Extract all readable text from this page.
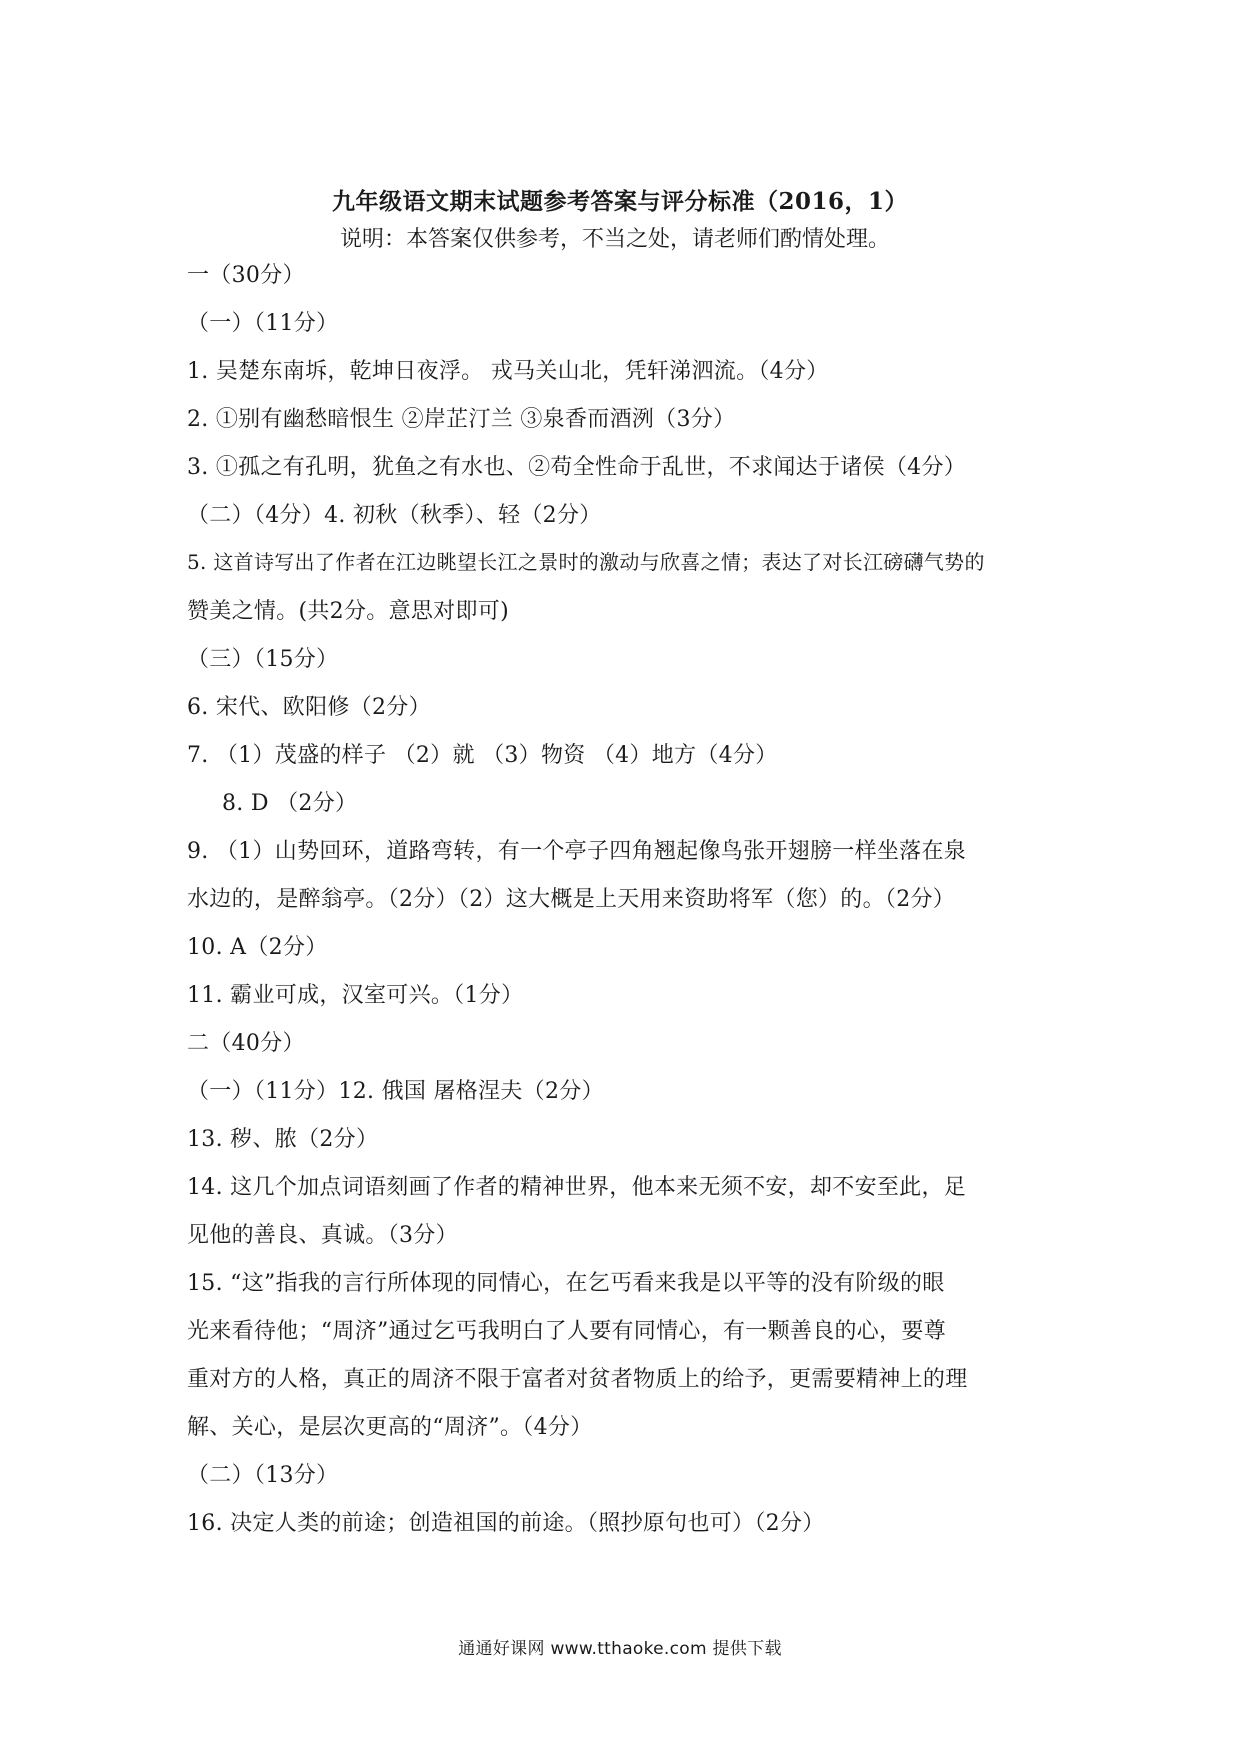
九年级语文期末试题参考答案与评分标准（2016，1）
说明：本答案仅供参考，不当之处，请老师们酌情处理。
一（30分）
（一）（11分）
1. 吴楚东南坼，乾坤日夜浮。 戎马关山北，凭轩涕泗流。（4分）
2. ①别有幽愁暗恨生 ②岸芷汀兰 ③泉香而酒洌（3分）
3. ①孤之有孔明，犹鱼之有水也、②苟全性命于乱世，不求闻达于诸侯（4分）
（二）（4分）4. 初秋（秋季）、轻（2分）
5. 这首诗写出了作者在江边眺望长江之景时的激动与欣喜之情；表达了对长江磅礴气势的
赞美之情。(共2分。意思对即可)
（三）（15分）
6. 宋代、欧阳修（2分）
7. （1）茂盛的样子 （2）就 （3）物资 （4）地方（4分）
8. D （2分）
9. （1）山势回环，道路弯转，有一个亭子四角翘起像鸟张开翅膀一样坐落在泉
水边的，是醉翁亭。（2分）（2）这大概是上天用来资助将军（您）的。（2分）
10. A（2分）
11. 霸业可成，汉室可兴。（1分）
二（40分）
（一）（11分）12. 俄国 屠格涅夫（2分）
13. 秽、脓（2分）
14. 这几个加点词语刻画了作者的精神世界，他本来无须不安，却不安至此，足
见他的善良、真诚。（3分）
15. “这”指我的言行所体现的同情心，在乞丐看来我是以平等的没有阶级的眼
光来看待他；“周济”通过乞丐我明白了人要有同情心，有一颗善良的心，要尊
重对方的人格，真正的周济不限于富者对贫者物质上的给予，更需要精神上的理
解、关心，是层次更高的“周济”。（4分）
（二）（13分）
16. 决定人类的前途；创造祖国的前途。（照抄原句也可）（2分）
通通好课网 www.tthaoke.com 提供下载
